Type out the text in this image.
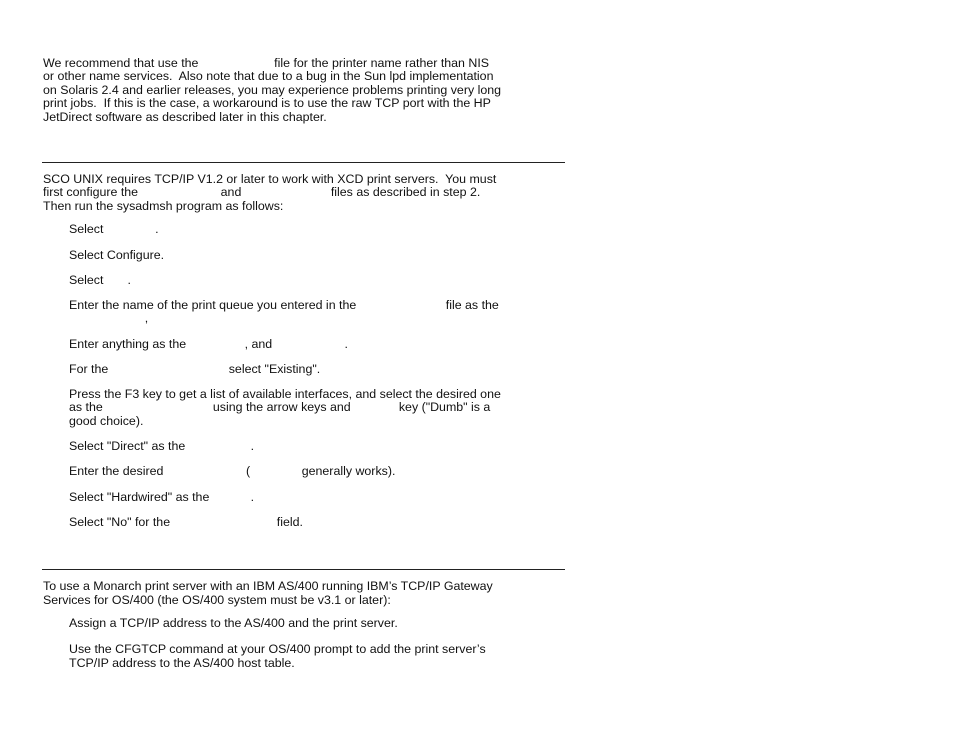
We recommend that use the                      file for the printer name rather than NIS
or other name services.  Also note that due to a bug in the Sun lpd implementation
on Solaris 2.4 and earlier releases, you may experience problems printing very long
print jobs.  If this is the case, a workaround is to use the raw TCP port with the HP
JetDirect software as described later in this chapter.
SCO UNIX requires TCP/IP V1.2 or later to work with XCD print servers.  You must
first configure the                        and                          files as described in step 2.
Then run the sysadmsh program as follows:
Select               .
Select Configure.
Select       .
Enter the name of the print queue you entered in the                          file as the
,
Enter anything as the                 , and                     .
For the                                   select "Existing".
Press the F3 key to get a list of available interfaces, and select the desired one
as the                                using the arrow keys and              key ("Dumb" is a
good choice).
Select "Direct" as the                   .
Enter the desired                        (               generally works).
Select "Hardwired" as the            .
Select "No" for the                               field.
To use a Monarch print server with an IBM AS/400 running IBM’s TCP/IP Gateway
Services for OS/400 (the OS/400 system must be v3.1 or later):
Assign a TCP/IP address to the AS/400 and the print server.
Use the CFGTCP command at your OS/400 prompt to add the print server’s
TCP/IP address to the AS/400 host table.
